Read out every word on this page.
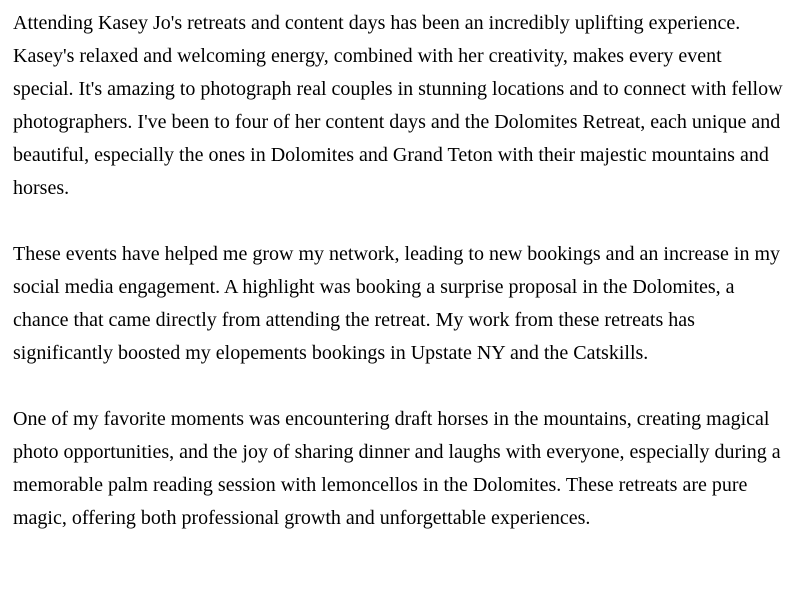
Attending Kasey Jo's retreats and content days has been an incredibly uplifting experience. Kasey's relaxed and welcoming energy, combined with her creativity, makes every event special. It's amazing to photograph real couples in stunning locations and to connect with fellow photographers. I've been to four of her content days and the Dolomites Retreat, each unique and beautiful, especially the ones in Dolomites and Grand Teton with their majestic mountains and horses.

These events have helped me grow my network, leading to new bookings and an increase in my social media engagement. A highlight was booking a surprise proposal in the Dolomites, a chance that came directly from attending the retreat. My work from these retreats has significantly boosted my elopements bookings in Upstate NY and the Catskills.

One of my favorite moments was encountering draft horses in the mountains, creating magical photo opportunities, and the joy of sharing dinner and laughs with everyone, especially during a memorable palm reading session with lemoncellos in the Dolomites. These retreats are pure magic, offering both professional growth and unforgettable experiences.
